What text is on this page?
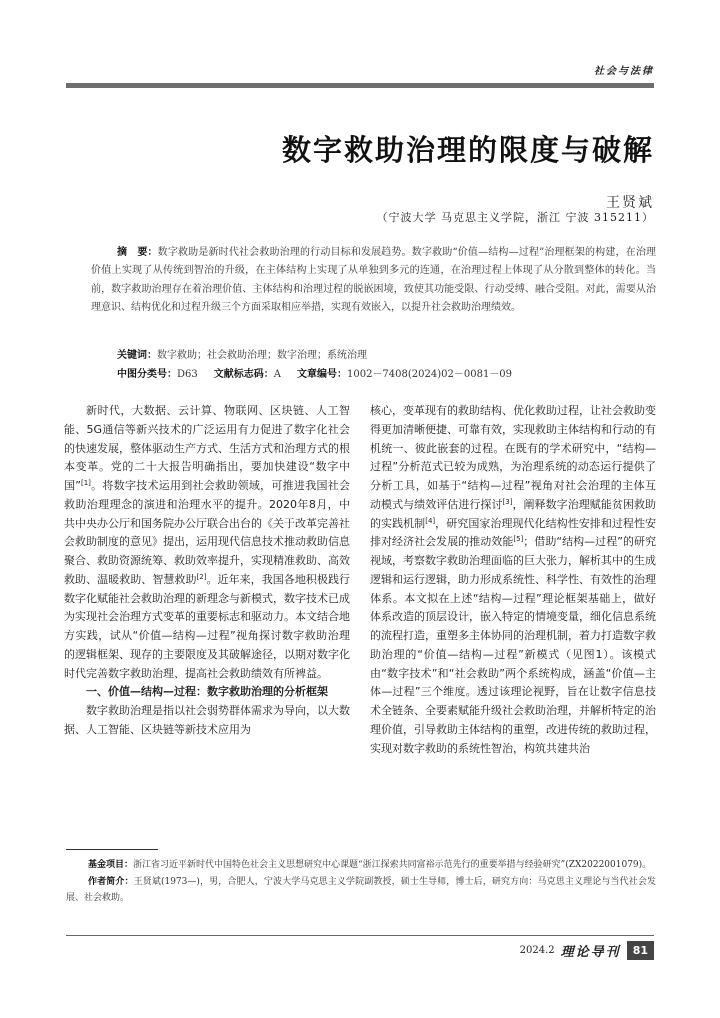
社会与法律
数字救助治理的限度与破解
王贤斌
（宁波大学 马克思主义学院，浙江 宁波 315211）
摘　要：数字救助是新时代社会救助治理的行动目标和发展趋势。数字救助“价值—结构—过程”治理框架的构建，在治理价值上实现了从传统到智治的升级，在主体结构上实现了从单独到多元的连通，在治理过程上体现了从分散到整体的转化。当前，数字救助治理存在着治理价值、主体结构和治理过程的脱嵌困境，致使其功能受限、行动受缚、融合受阻。对此，需要从治理意识、结构优化和过程升级三个方面采取相应举措，实现有效嵌入，以提升社会救助治理绩效。
关键词：数字救助；社会救助治理；数字治理；系统治理
中图分类号：D63 文献标志码：A 文章编号：1002－7408(2024)02－0081－09

新时代，大数据、云计算、物联网、区块链、人工智能、5G通信等新兴技术的广泛运用有力促进了数字化社会的快速发展，整体驱动生产方式、生活方式和治理方式的根本变革。党的二十大报告明确指出，要加快建设“数字中国”[1]。将数字技术运用到社会救助领域，可推进我国社会救助治理理念的演进和治理水平的提升。2020年8月，中共中央办公厅和国务院办公厅联合出台的《关于改革完善社会救助制度的意见》提出，运用现代信息技术推动救助信息聚合、救助资源统筹、救助效率提升，实现精准救助、高效救助、温暖救助、智慧救助[2]。近年来，我国各地积极践行数字化赋能社会救助治理的新理念与新模式，数字技术已成为实现社会治理方式变革的重要标志和驱动力。本文结合地方实践，试从“价值—结构—过程”视角探讨数字救助治理的逻辑框架、现存的主要限度及其破解途径，以期对数字化时代完善数字救助治理、提高社会救助绩效有所裨益。

一、价值—结构—过程：数字救助治理的分析框架

数字救助治理是指以社会弱势群体需求为导向，以大数据、人工智能、区块链等新技术应用为

核心，变革现有的救助结构、优化救助过程，让社会救助变得更加清晰便捷、可靠有效，实现救助主体结构和行动的有机统一、彼此嵌套的过程。在既有的学术研究中，“结构—过程”分析范式已较为成熟，为治理系统的动态运行提供了分析工具，如基于“结构—过程”视角对社会治理的主体互动模式与绩效评估进行探讨[3]，阐释数字治理赋能贫困救助的实践机制[4]，研究国家治理现代化结构性安排和过程性安排对经济社会发展的推动效能[5]；借助“结构—过程”的研究视域，考察数字救助治理面临的巨大张力，解析其中的生成逻辑和运行逻辑，助力形成系统性、科学性、有效性的治理体系。本文拟在上述“结构—过程”理论框架基础上，做好体系改造的顶层设计，嵌入特定的情境变量，细化信息系统的流程打造，重塑多主体协同的治理机制，着力打造数字救助治理的“价值—结构—过程”新模式（见图1）。该模式由“数字技术”和“社会救助”两个系统构成，涵盖“价值—主体—过程”三个维度。透过该理论视野，旨在让数字信息技术全链条、全要素赋能升级社会救助治理，并解析特定的治理价值，引导救助主体结构的重塑，改进传统的救助过程，实现对数字救助的系统性智治，构筑共建共治

基金项目：浙江省习近平新时代中国特色社会主义思想研究中心课题“浙江探索共同富裕示范先行的重要举措与经验研究”(ZX2022001079)。

作者简介：王贤斌(1973—)，男，合肥人，宁波大学马克思主义学院副教授，硕士生导师，博士后，研究方向：马克思主义理论与当代社会发展、社会救助。

2024.2 理论导刊	81
